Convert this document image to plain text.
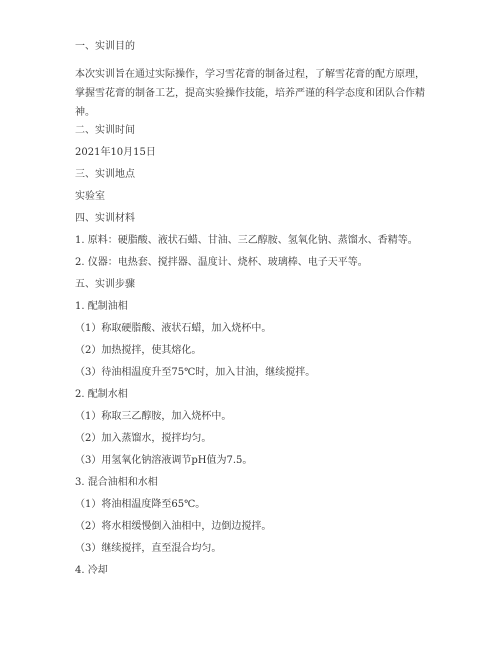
一、实训目的
本次实训旨在通过实际操作，学习雪花膏的制备过程，了解雪花膏的配方原理，掌握雪花膏的制备工艺，提高实验操作技能，培养严谨的科学态度和团队合作精神。
二、实训时间
2021年10月15日
三、实训地点
实验室
四、实训材料
1. 原料：硬脂酸、液状石蜡、甘油、三乙醇胺、氢氧化钠、蒸馏水、香精等。
2. 仪器：电热套、搅拌器、温度计、烧杯、玻璃棒、电子天平等。
五、实训步骤
1. 配制油相
（1）称取硬脂酸、液状石蜡，加入烧杯中。
（2）加热搅拌，使其熔化。
（3）待油相温度升至75℃时，加入甘油，继续搅拌。
2. 配制水相
（1）称取三乙醇胺，加入烧杯中。
（2）加入蒸馏水，搅拌均匀。
（3）用氢氧化钠溶液调节pH值为7.5。
3. 混合油相和水相
（1）将油相温度降至65℃。
（2）将水相缓慢倒入油相中，边倒边搅拌。
（3）继续搅拌，直至混合均匀。
4. 冷却
